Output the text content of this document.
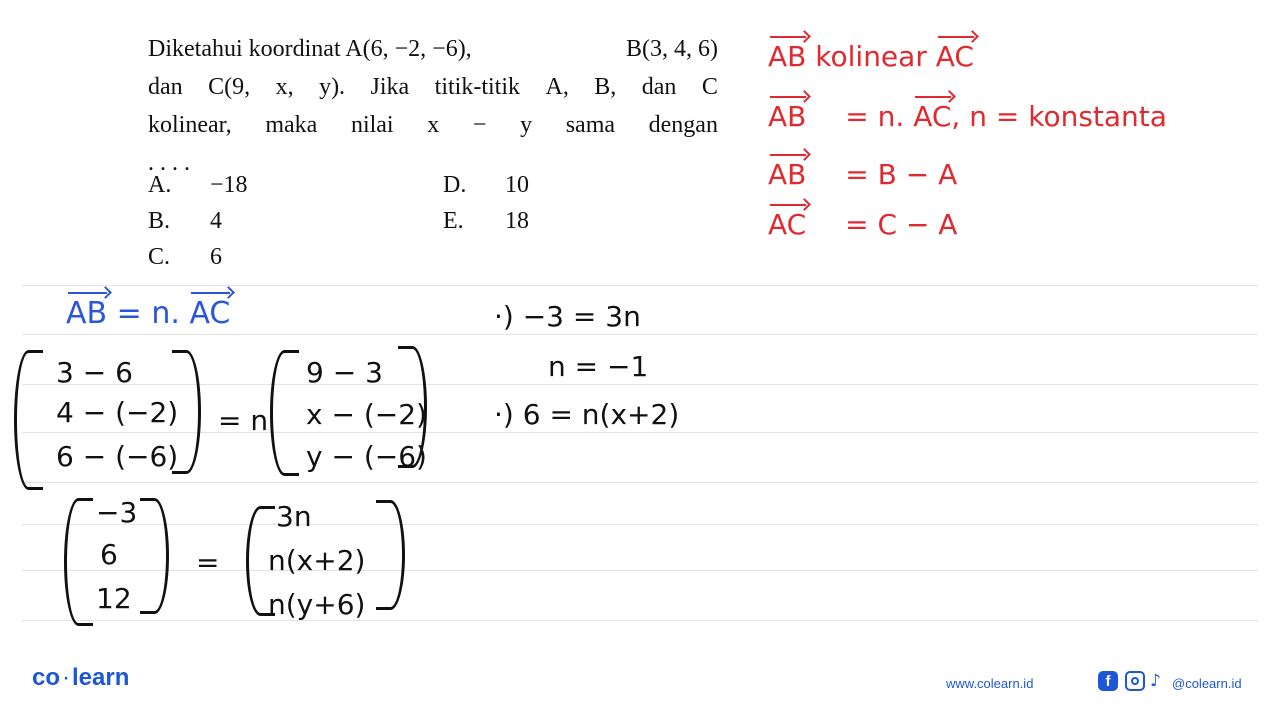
Diketahui koordinat A(6, −2, −6),	B(3, 4, 6)
dan C(9, x, y). Jika titik-titik A, B, dan C
kolinear, maka nilai x − y sama dengan
. . . .
A. −18
B. 4
C. 6
D. 10
E. 18
AB kolinear AC
AB = n. AC, n = konstanta
AB = B − A
AC = C − A
AB = n. AC
3 − 6
4 − (−2)
6 − (−6)
= n
9 − 3
x − (−2)
y − (−6)
−3
6
12
=
3n
n(x+2)
n(y+6)
·) −3 = 3n
n = −1
·) 6 = n(x+2)
co·learn	www.colearn.id	f	♪ @colearn.id
